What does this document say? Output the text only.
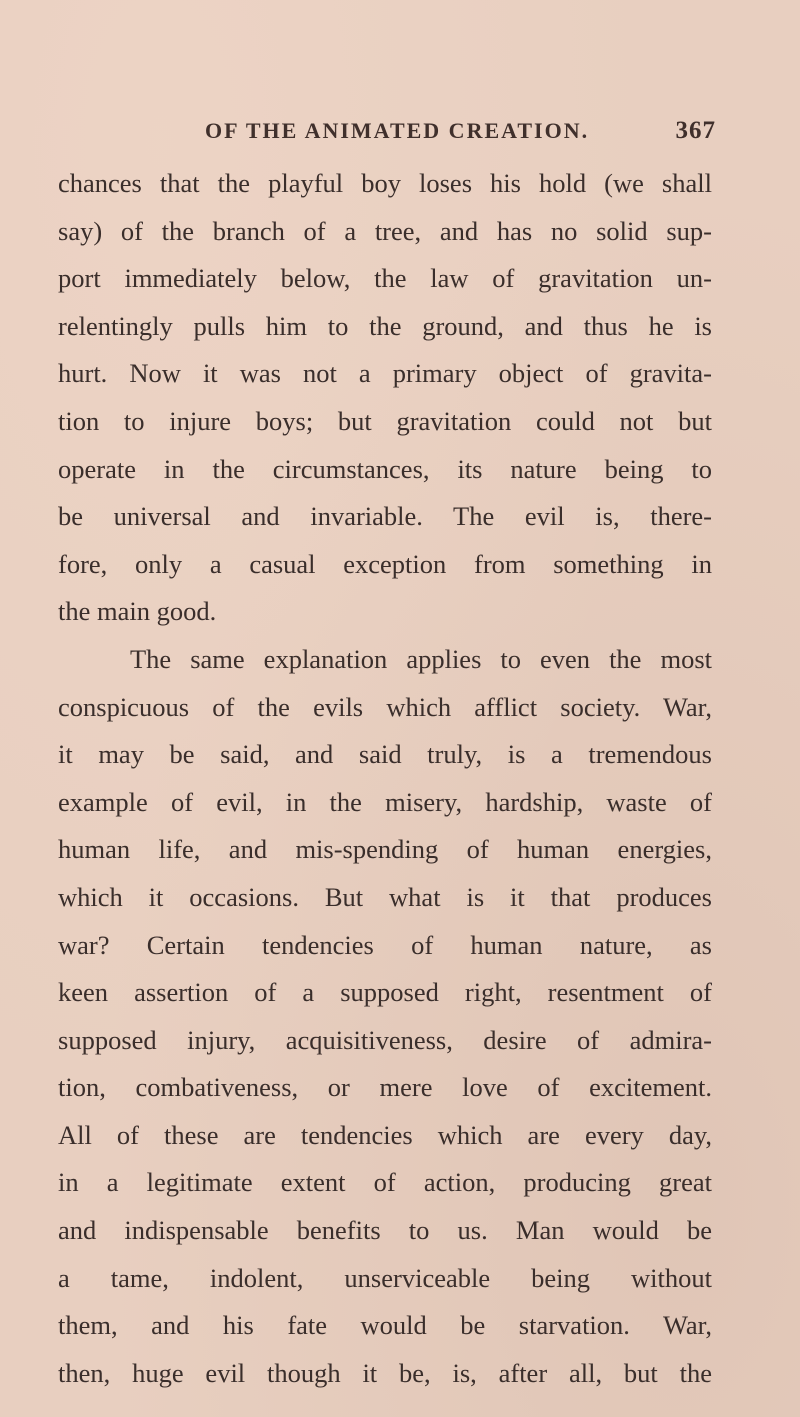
OF THE ANIMATED CREATION.	367
chances that the playful boy loses his hold (we shall
say) of the branch of a tree, and has no solid sup-
port immediately below, the law of gravitation un-
relentingly pulls him to the ground, and thus he is
hurt. Now it was not a primary object of gravita-
tion to injure boys; but gravitation could not but
operate in the circumstances, its nature being to
be universal and invariable. The evil is, there-
fore, only a casual exception from something in
the main good.
The same explanation applies to even the most
conspicuous of the evils which afflict society. War,
it may be said, and said truly, is a tremendous
example of evil, in the misery, hardship, waste of
human life, and mis-spending of human energies,
which it occasions. But what is it that produces
war? Certain tendencies of human nature, as
keen assertion of a supposed right, resentment of
supposed injury, acquisitiveness, desire of admira-
tion, combativeness, or mere love of excitement.
All of these are tendencies which are every day,
in a legitimate extent of action, producing great
and indispensable benefits to us. Man would be
a tame, indolent, unserviceable being without
them, and his fate would be starvation. War,
then, huge evil though it be, is, after all, but the
